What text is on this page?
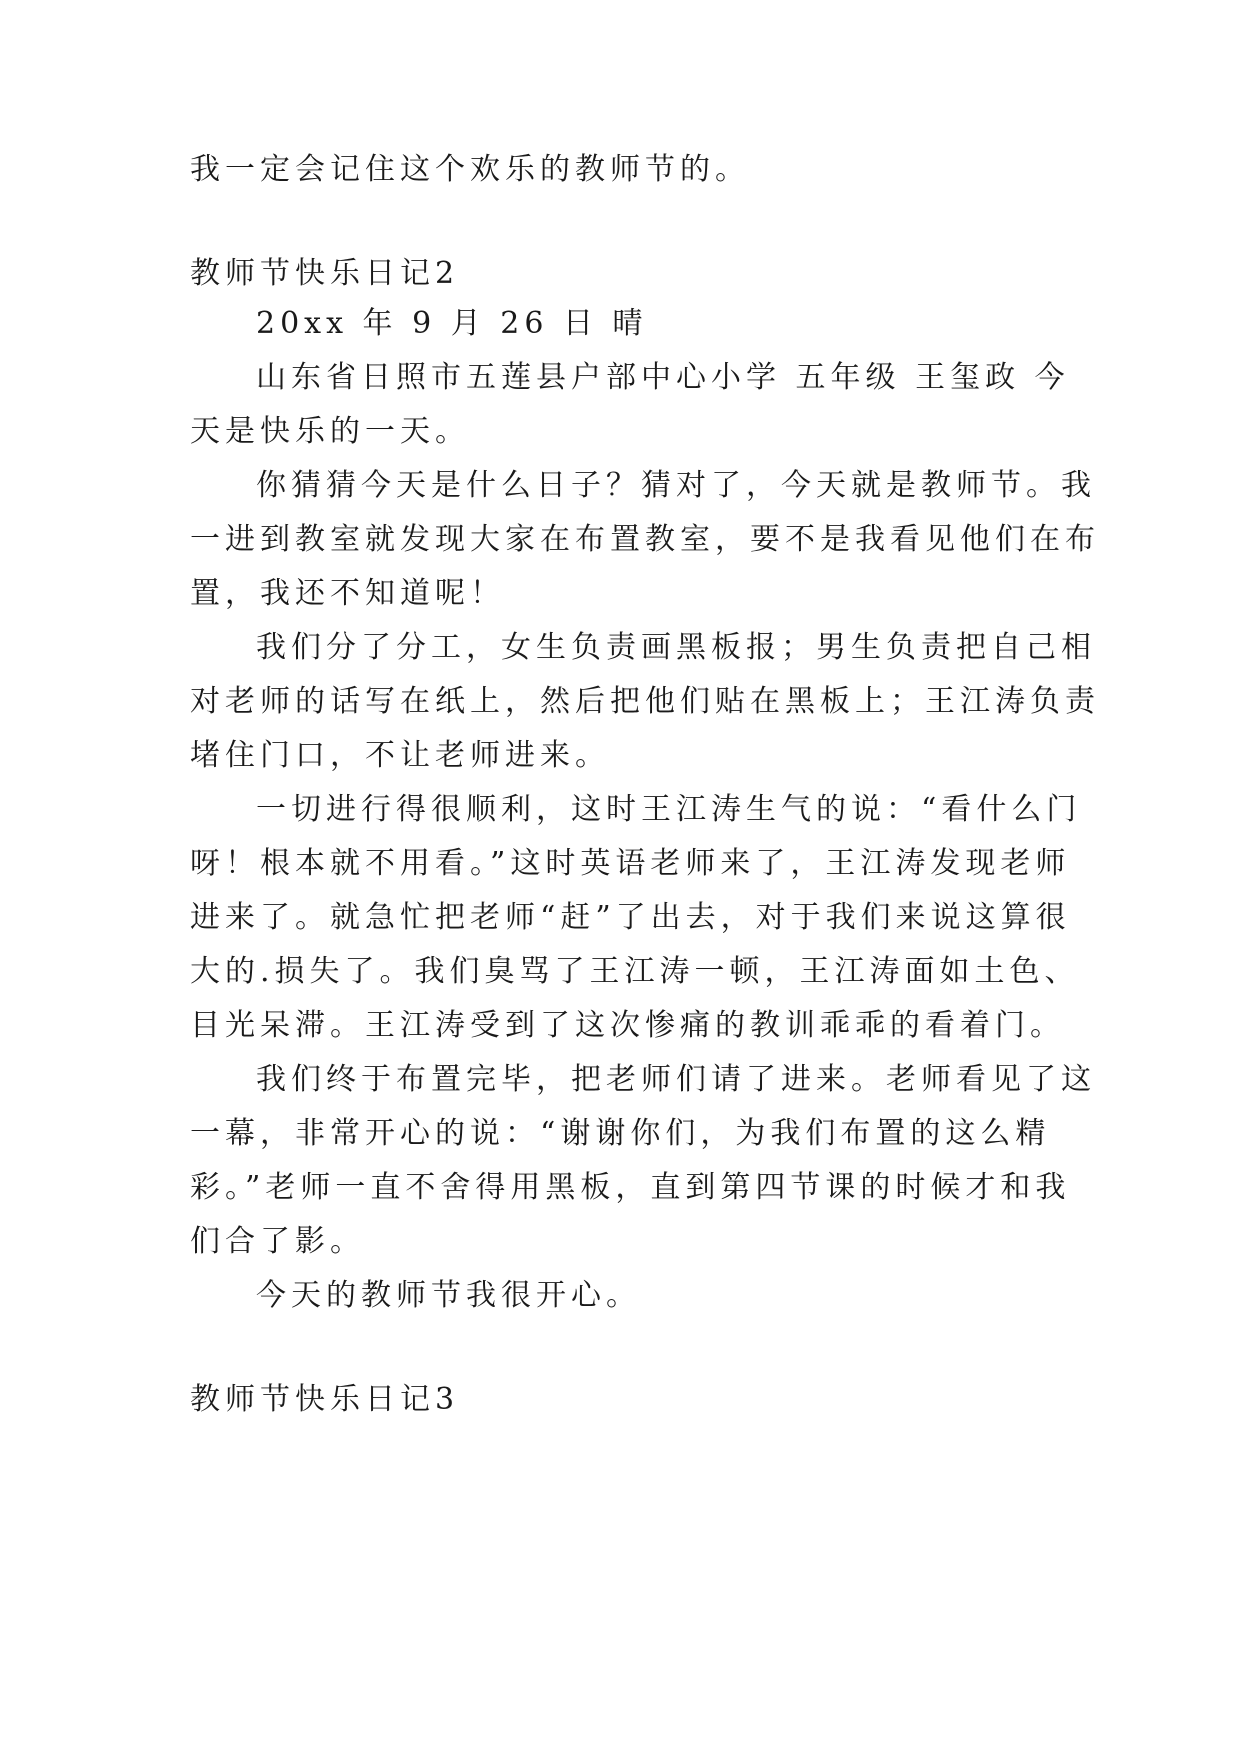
我一定会记住这个欢乐的教师节的。
教师节快乐日记2
20xx 年 9 月 26 日 晴
山东省日照市五莲县户部中心小学 五年级 王玺政 今
天是快乐的一天。
你猜猜今天是什么日子？猜对了，今天就是教师节。我
一进到教室就发现大家在布置教室，要不是我看见他们在布
置，我还不知道呢！
我们分了分工，女生负责画黑板报；男生负责把自己相
对老师的话写在纸上，然后把他们贴在黑板上；王江涛负责
堵住门口，不让老师进来。
一切进行得很顺利，这时王江涛生气的说：“看什么门
呀！根本就不用看。”这时英语老师来了，王江涛发现老师
进来了。就急忙把老师“赶”了出去，对于我们来说这算很
大的.损失了。我们臭骂了王江涛一顿，王江涛面如土色、
目光呆滞。王江涛受到了这次惨痛的教训乖乖的看着门。
我们终于布置完毕，把老师们请了进来。老师看见了这
一幕，非常开心的说：“谢谢你们，为我们布置的这么精
彩。”老师一直不舍得用黑板，直到第四节课的时候才和我
们合了影。
今天的教师节我很开心。
教师节快乐日记3
